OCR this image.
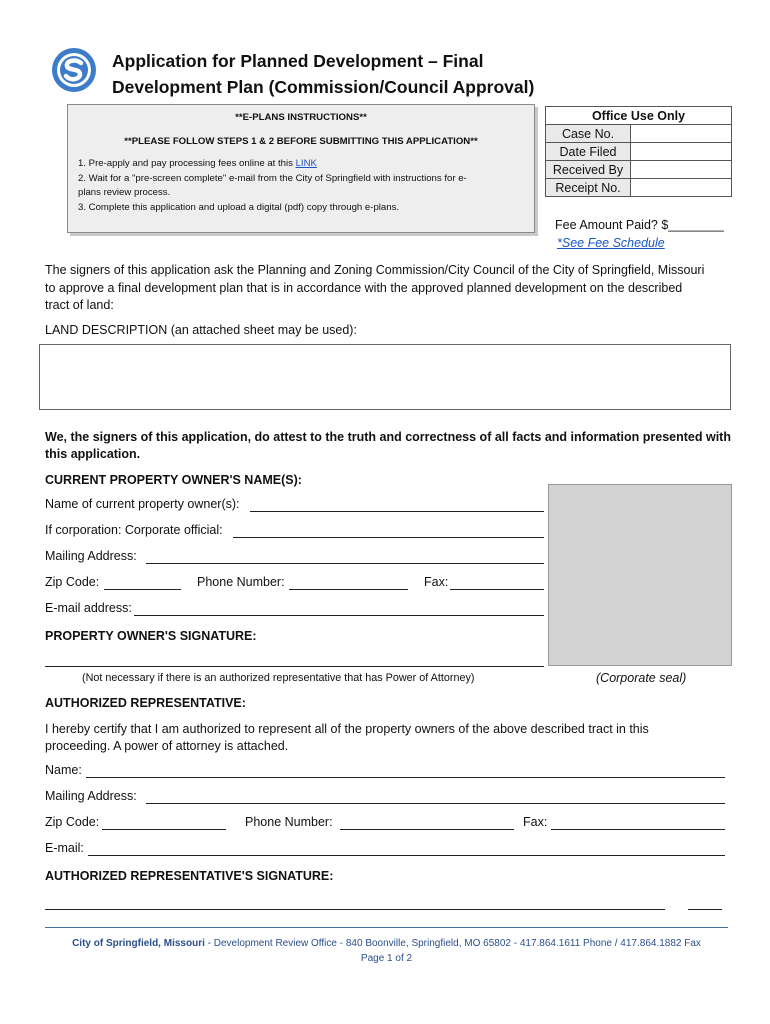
Application for Planned Development – Final
Development Plan (Commission/Council Approval)
**E-PLANS INSTRUCTIONS**
**PLEASE FOLLOW STEPS 1 & 2 BEFORE SUBMITTING THIS APPLICATION**
1. Pre-apply and pay processing fees online at this LINK
2. Wait for a "pre-screen complete" e-mail from the City of Springfield with instructions for e-
plans review process.
3. Complete this application and upload a digital (pdf) copy through e-plans.
Office Use Only	
Case No.	
Date Filed	
Received By	
Receipt No.	
Fee Amount Paid? $________
*See Fee Schedule
The signers of this application ask the Planning and Zoning Commission/City Council of the City of Springfield, Missouri
to approve a final development plan that is in accordance with the approved planned development on the described
tract of land:
LAND DESCRIPTION (an attached sheet may be used):
We, the signers of this application, do attest to the truth and correctness of all facts and information presented with
this application.
CURRENT PROPERTY OWNER'S NAME(S):
Name of current property owner(s):
If corporation: Corporate official:
Mailing Address:
Zip Code:	Phone Number:	Fax:
E-mail address:
PROPERTY OWNER'S SIGNATURE:
(Not necessary if there is an authorized representative that has Power of Attorney)	(Corporate seal)
AUTHORIZED REPRESENTATIVE:
I hereby certify that I am authorized to represent all of the property owners of the above described tract in this
proceeding. A power of attorney is attached.
Name:
Mailing Address:
Zip Code:	Phone Number:	Fax:
E-mail:
AUTHORIZED REPRESENTATIVE'S SIGNATURE:
City of Springfield, Missouri - Development Review Office - 840 Boonville, Springfield, MO 65802 - 417.864.1611 Phone / 417.864.1882 Fax
Page 1 of 2
